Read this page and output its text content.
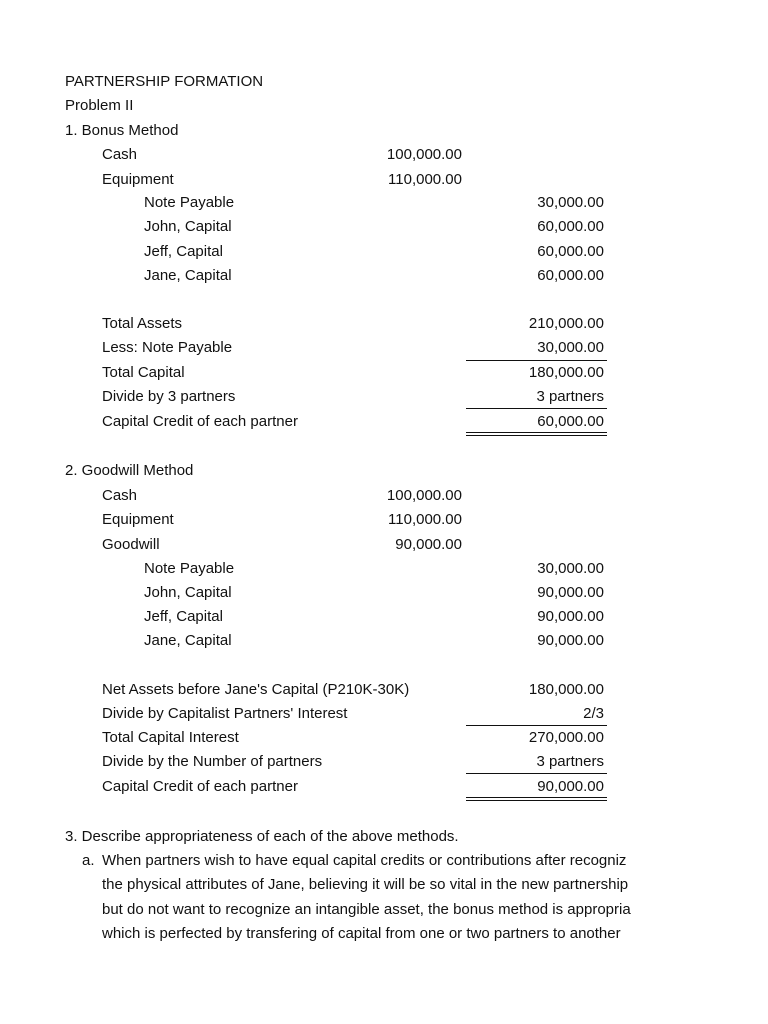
PARTNERSHIP FORMATION
Problem II
1. Bonus Method
Cash	100,000.00
Equipment	110,000.00
Note Payable	30,000.00
John, Capital	60,000.00
Jeff, Capital	60,000.00
Jane, Capital	60,000.00
Total Assets	210,000.00
Less: Note Payable	30,000.00
Total Capital	180,000.00
Divide by 3 partners	3 partners
Capital Credit of each partner	60,000.00
2. Goodwill Method
Cash	100,000.00
Equipment	110,000.00
Goodwill	90,000.00
Note Payable	30,000.00
John, Capital	90,000.00
Jeff, Capital	90,000.00
Jane, Capital	90,000.00
Net Assets before Jane's Capital (P210K-30K)	180,000.00
Divide by Capitalist Partners' Interest	2/3
Total Capital Interest	270,000.00
Divide by the Number of partners	3 partners
Capital Credit of each partner	90,000.00
3. Describe appropriateness of each of the above methods.
a. When partners wish to have equal capital credits or contributions after recogniz
the physical attributes of Jane, believing it will be so vital in the new partnership
but do not want to recognize an intangible asset, the bonus method is appropria
which is perfected by transfering of capital from one or two partners to another
